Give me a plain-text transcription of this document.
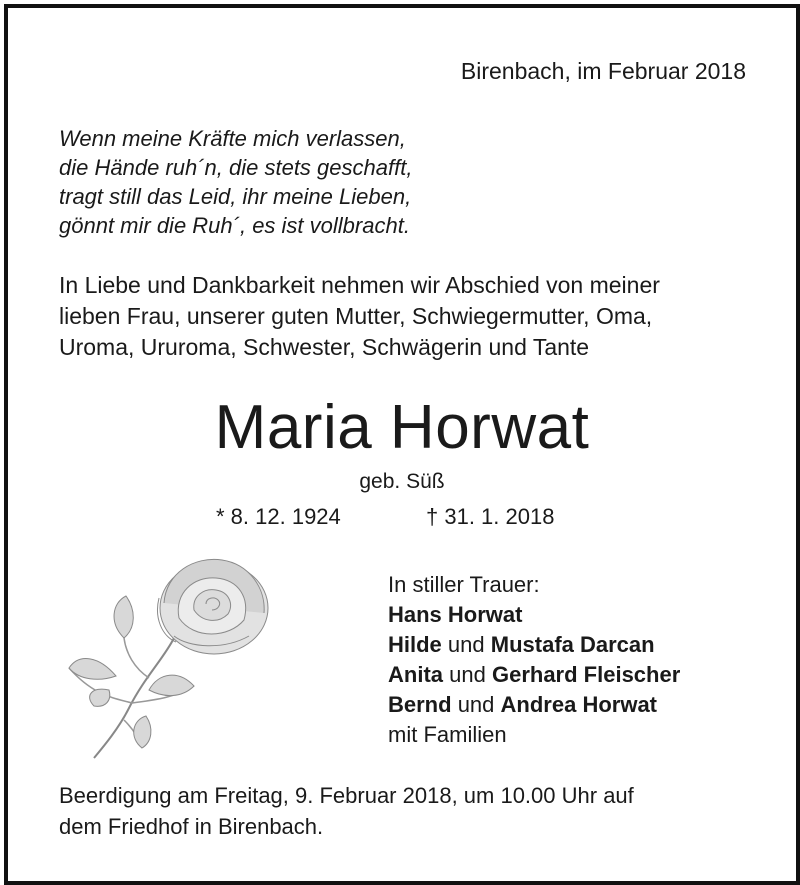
Birenbach, im Februar 2018
Wenn meine Kräfte mich verlassen,
die Hände ruh´n, die stets geschafft,
tragt still das Leid, ihr meine Lieben,
gönnt mir die Ruh´, es ist vollbracht.
In Liebe und Dankbarkeit nehmen wir Abschied von meiner
lieben Frau, unserer guten Mutter, Schwiegermutter, Oma,
Uroma, Ururoma, Schwester, Schwägerin und Tante
Maria Horwat
geb. Süß
* 8. 12. 1924	† 31. 1. 2018
In stiller Trauer:
Hans Horwat
Hilde und Mustafa Darcan
Anita und Gerhard Fleischer
Bernd und Andrea Horwat
mit Familien
Beerdigung am Freitag, 9. Februar 2018, um 10.00 Uhr auf
dem Friedhof in Birenbach.
